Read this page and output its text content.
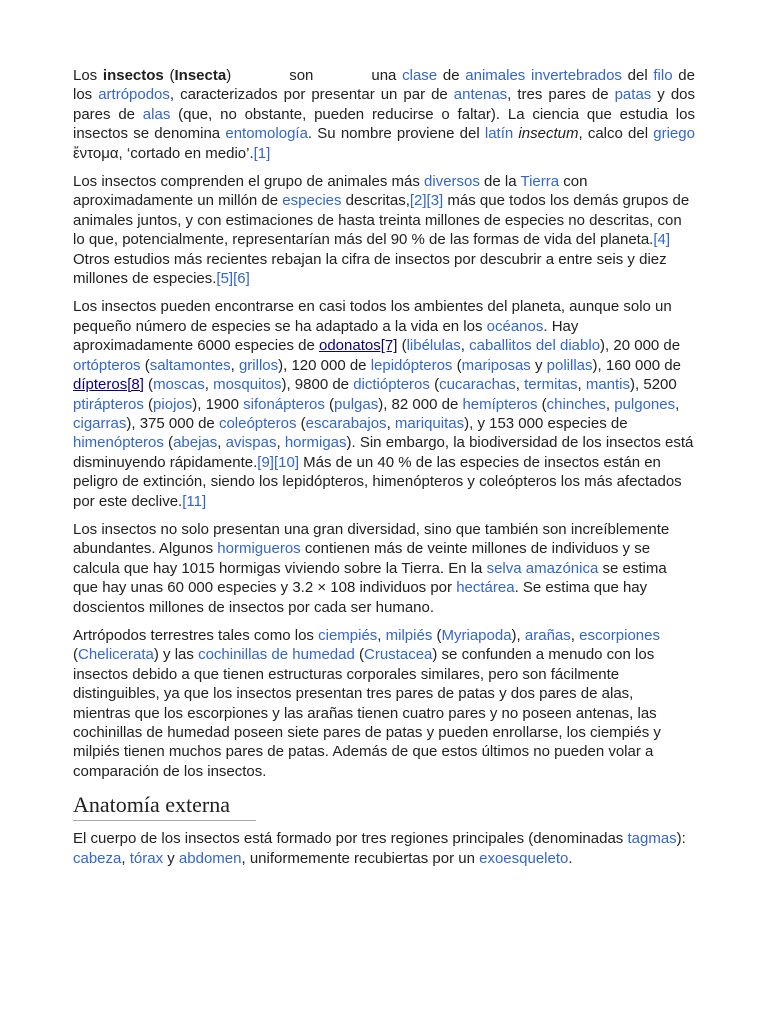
Los insectos (Insecta)	son	una clase de animales invertebrados del filo de los artrópodos, caracterizados por presentar un par de antenas, tres pares de patas y dos pares de alas (que, no obstante, pueden reducirse o faltar). La ciencia que estudia los insectos se denomina entomología. Su nombre proviene del latín insectum, calco del griego ἔντομα, ‘cortado en medio’.[1]

Los insectos comprenden el grupo de animales más diversos de la Tierra con aproximadamente un millón de especies descritas,[2][3] más que todos los demás grupos de animales juntos, y con estimaciones de hasta treinta millones de especies no descritas, con lo que, potencialmente, representarían más del 90 % de las formas de vida del planeta.[4] Otros estudios más recientes rebajan la cifra de insectos por descubrir a entre seis y diez millones de especies.[5][6]

Los insectos pueden encontrarse en casi todos los ambientes del planeta, aunque solo un pequeño número de especies se ha adaptado a la vida en los océanos. Hay aproximadamente 6000 especies de odonatos[7] (libélulas, caballitos del diablo), 20 000 de ortópteros (saltamontes, grillos), 120 000 de lepidópteros (mariposas y polillas), 160 000 de dípteros[8] (moscas, mosquitos), 9800 de dictiópteros (cucarachas, termitas, mantis), 5200 ptirápteros (piojos), 1900 sifonápteros (pulgas), 82 000 de hemípteros (chinches, pulgones, cigarras), 375 000 de coleópteros (escarabajos, mariquitas), y 153 000 especies de himenópteros (abejas, avispas, hormigas). Sin embargo, la biodiversidad de los insectos está disminuyendo rápidamente.[9][10] Más de un 40 % de las especies de insectos están en peligro de extinción, siendo los lepidópteros, himenópteros y coleópteros los más afectados por este declive.[11]

Los insectos no solo presentan una gran diversidad, sino que también son increíblemente abundantes. Algunos hormigueros contienen más de veinte millones de individuos y se calcula que hay 1015 hormigas viviendo sobre la Tierra. En la selva amazónica se estima que hay unas 60 000 especies y 3.2 × 108 individuos por hectárea. Se estima que hay doscientos millones de insectos por cada ser humano.

Artrópodos terrestres tales como los ciempiés, milpiés (Myriapoda), arañas, escorpiones (Chelicerata) y las cochinillas de humedad (Crustacea) se confunden a menudo con los insectos debido a que tienen estructuras corporales similares, pero son fácilmente distinguibles, ya que los insectos presentan tres pares de patas y dos pares de alas, mientras que los escorpiones y las arañas tienen cuatro pares y no poseen antenas, las cochinillas de humedad poseen siete pares de patas y pueden enrollarse, los ciempiés y milpiés tienen muchos pares de patas. Además de que estos últimos no pueden volar a comparación de los insectos.

Anatomía externa

El cuerpo de los insectos está formado por tres regiones principales (denominadas tagmas): cabeza, tórax y abdomen, uniformemente recubiertas por un exoesqueleto.
